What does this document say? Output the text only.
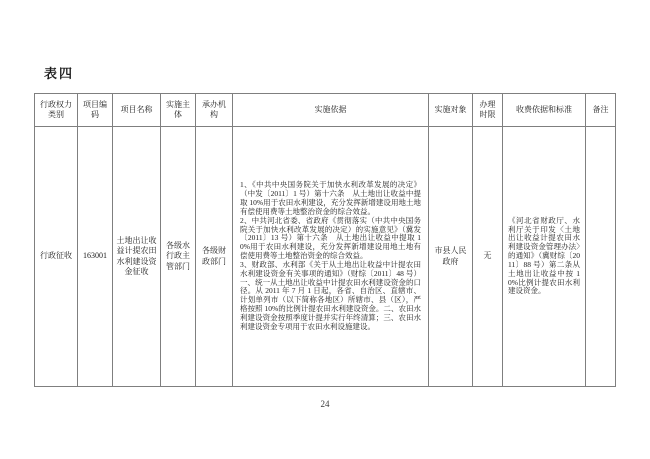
表四
行政权力类别	项目编码	项目名称	实施主体	承办机构	实施依据	实施对象	办理时限	收费依据和标准	备注
行政征收	163001	土地出让收益计提农田水利建设资金征收	各级水行政主管部门	各级财政部门	1、《中共中央国务院关于加快水利改革发展的决定》（中发〔2011〕1 号）第十六条　从土地出让收益中提取 10%用于农田水利建设，充分发挥新增建设用地土地有偿使用费等土地整治资金的综合效益。

2、中共河北省委、省政府《贯彻落实（中共中央国务院关于加快水利改革发展的决定）的实施意见》（冀发〔2011〕13 号）第十六条　从土地出让收益中提取 10%用于农田水利建设，充分发挥新增建设用地土地有偿使用费等土地整治资金的综合效益。

3、财政部、水利部《关于从土地出让收益中计提农田水利建设资金有关事项的通知》（财综〔2011〕48 号）一、统一从土地出让收益中计提农田水利建设资金的口径。从 2011 年 7 月 1 日起，各省、自治区、直辖市、计划单列市（以下简称各地区）所辖市、县（区），严格按照 10%的比例计提农田水利建设资金。二、农田水利建设资金按照季度计提并实行年终清算；三、农田水利建设资金专项用于农田水利设施建设。	市县人民政府	无	《河北省财政厅、水利厅关于印发〈土地出让收益计提农田水利建设资金管理办法〉的通知》（冀财综〔2011〕88 号）第二条从土地出让收益中按 10%比例计提农田水利建设资金。	
24
